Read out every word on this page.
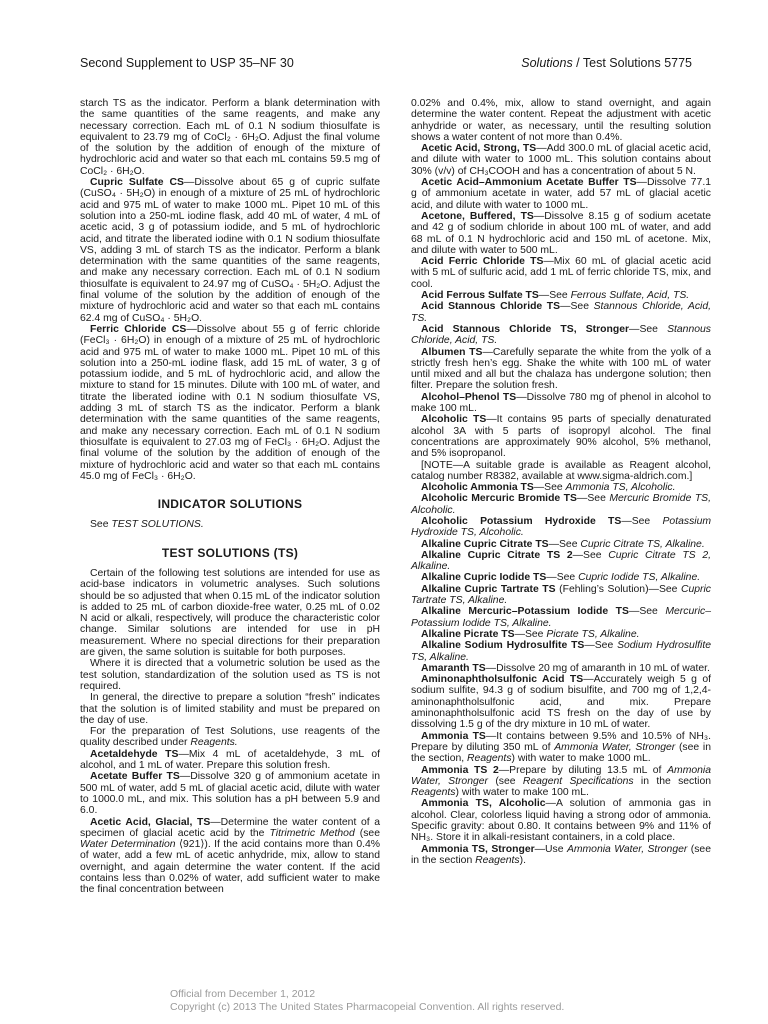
Second Supplement to USP 35–NF 30	Solutions / Test Solutions 5775

starch TS as the indicator. Perform a blank determination with the same quantities of the same reagents, and make any necessary correction. Each mL of 0.1 N sodium thiosulfate is equivalent to 23.79 mg of CoCl₂ · 6H₂O. Adjust the final volume of the solution by the addition of enough of the mixture of hydrochloric acid and water so that each mL contains 59.5 mg of CoCl₂ · 6H₂O.

Cupric Sulfate CS—Dissolve about 65 g of cupric sulfate (CuSO₄ · 5H₂O) in enough of a mixture of 25 mL of hydrochloric acid and 975 mL of water to make 1000 mL. Pipet 10 mL of this solution into a 250-mL iodine flask, add 40 mL of water, 4 mL of acetic acid, 3 g of potassium iodide, and 5 mL of hydrochloric acid, and titrate the liberated iodine with 0.1 N sodium thiosulfate VS, adding 3 mL of starch TS as the indicator. Perform a blank determination with the same quantities of the same reagents, and make any necessary correction. Each mL of 0.1 N sodium thiosulfate is equivalent to 24.97 mg of CuSO₄ · 5H₂O. Adjust the final volume of the solution by the addition of enough of the mixture of hydrochloric acid and water so that each mL contains 62.4 mg of CuSO₄ · 5H₂O.

Ferric Chloride CS—Dissolve about 55 g of ferric chloride (FeCl₃ · 6H₂O) in enough of a mixture of 25 mL of hydrochloric acid and 975 mL of water to make 1000 mL. Pipet 10 mL of this solution into a 250-mL iodine flask, add 15 mL of water, 3 g of potassium iodide, and 5 mL of hydrochloric acid, and allow the mixture to stand for 15 minutes. Dilute with 100 mL of water, and titrate the liberated iodine with 0.1 N sodium thiosulfate VS, adding 3 mL of starch TS as the indicator. Perform a blank determination with the same quantities of the same reagents, and make any necessary correction. Each mL of 0.1 N sodium thiosulfate is equivalent to 27.03 mg of FeCl₃ · 6H₂O. Adjust the final volume of the solution by the addition of enough of the mixture of hydrochloric acid and water so that each mL contains 45.0 mg of FeCl₃ · 6H₂O.

INDICATOR SOLUTIONS

See TEST SOLUTIONS.

TEST SOLUTIONS (TS)

Certain of the following test solutions are intended for use as acid-base indicators in volumetric analyses. Such solutions should be so adjusted that when 0.15 mL of the indicator solution is added to 25 mL of carbon dioxide-free water, 0.25 mL of 0.02 N acid or alkali, respectively, will produce the characteristic color change. Similar solutions are intended for use in pH measurement. Where no special directions for their preparation are given, the same solution is suitable for both purposes.

Where it is directed that a volumetric solution be used as the test solution, standardization of the solution used as TS is not required.

In general, the directive to prepare a solution “fresh” indicates that the solution is of limited stability and must be prepared on the day of use.

For the preparation of Test Solutions, use reagents of the quality described under Reagents.

Acetaldehyde TS—Mix 4 mL of acetaldehyde, 3 mL of alcohol, and 1 mL of water. Prepare this solution fresh.

Acetate Buffer TS—Dissolve 320 g of ammonium acetate in 500 mL of water, add 5 mL of glacial acetic acid, dilute with water to 1000.0 mL, and mix. This solution has a pH between 5.9 and 6.0.

Acetic Acid, Glacial, TS—Determine the water content of a specimen of glacial acetic acid by the Titrimetric Method (see Water Determination ⟨921⟩). If the acid contains more than 0.4% of water, add a few mL of acetic anhydride, mix, allow to stand overnight, and again determine the water content. If the acid contains less than 0.02% of water, add sufficient water to make the final concentration between

0.02% and 0.4%, mix, allow to stand overnight, and again determine the water content. Repeat the adjustment with acetic anhydride or water, as necessary, until the resulting solution shows a water content of not more than 0.4%.

Acetic Acid, Strong, TS—Add 300.0 mL of glacial acetic acid, and dilute with water to 1000 mL. This solution contains about 30% (v/v) of CH₃COOH and has a concentration of about 5 N.

Acetic Acid–Ammonium Acetate Buffer TS—Dissolve 77.1 g of ammonium acetate in water, add 57 mL of glacial acetic acid, and dilute with water to 1000 mL.

Acetone, Buffered, TS—Dissolve 8.15 g of sodium acetate and 42 g of sodium chloride in about 100 mL of water, and add 68 mL of 0.1 N hydrochloric acid and 150 mL of acetone. Mix, and dilute with water to 500 mL.

Acid Ferric Chloride TS—Mix 60 mL of glacial acetic acid with 5 mL of sulfuric acid, add 1 mL of ferric chloride TS, mix, and cool.

Acid Ferrous Sulfate TS—See Ferrous Sulfate, Acid, TS.

Acid Stannous Chloride TS—See Stannous Chloride, Acid, TS.

Acid Stannous Chloride TS, Stronger—See Stannous Chloride, Acid, TS.

Albumen TS—Carefully separate the white from the yolk of a strictly fresh hen’s egg. Shake the white with 100 mL of water until mixed and all but the chalaza has undergone solution; then filter. Prepare the solution fresh.

Alcohol–Phenol TS—Dissolve 780 mg of phenol in alcohol to make 100 mL.

Alcoholic TS—It contains 95 parts of specially denaturated alcohol 3A with 5 parts of isopropyl alcohol. The final concentrations are approximately 90% alcohol, 5% methanol, and 5% isopropanol.

[NOTE—A suitable grade is available as Reagent alcohol, catalog number R8382, available at www.sigma-aldrich.com.]

Alcoholic Ammonia TS—See Ammonia TS, Alcoholic.

Alcoholic Mercuric Bromide TS—See Mercuric Bromide TS, Alcoholic.

Alcoholic Potassium Hydroxide TS—See Potassium Hydroxide TS, Alcoholic.

Alkaline Cupric Citrate TS—See Cupric Citrate TS, Alkaline.

Alkaline Cupric Citrate TS 2—See Cupric Citrate TS 2, Alkaline.

Alkaline Cupric Iodide TS—See Cupric Iodide TS, Alkaline.

Alkaline Cupric Tartrate TS (Fehling’s Solution)—See Cupric Tartrate TS, Alkaline.

Alkaline Mercuric–Potassium Iodide TS—See Mercuric–Potassium Iodide TS, Alkaline.

Alkaline Picrate TS—See Picrate TS, Alkaline.

Alkaline Sodium Hydrosulfite TS—See Sodium Hydrosulfite TS, Alkaline.

Amaranth TS—Dissolve 20 mg of amaranth in 10 mL of water.

Aminonaphtholsulfonic Acid TS—Accurately weigh 5 g of sodium sulfite, 94.3 g of sodium bisulfite, and 700 mg of 1,2,4-aminonaphtholsulfonic acid, and mix. Prepare aminonaphtholsulfonic acid TS fresh on the day of use by dissolving 1.5 g of the dry mixture in 10 mL of water.

Ammonia TS—It contains between 9.5% and 10.5% of NH₃. Prepare by diluting 350 mL of Ammonia Water, Stronger (see in the section, Reagents) with water to make 1000 mL.

Ammonia TS 2—Prepare by diluting 13.5 mL of Ammonia Water, Stronger (see Reagent Specifications in the section Reagents) with water to make 100 mL.

Ammonia TS, Alcoholic—A solution of ammonia gas in alcohol. Clear, colorless liquid having a strong odor of ammonia. Specific gravity: about 0.80. It contains between 9% and 11% of NH₃. Store it in alkali-resistant containers, in a cold place.

Ammonia TS, Stronger—Use Ammonia Water, Stronger (see in the section Reagents).

Official from December 1, 2012
Copyright (c) 2013 The United States Pharmacopeial Convention. All rights reserved.
